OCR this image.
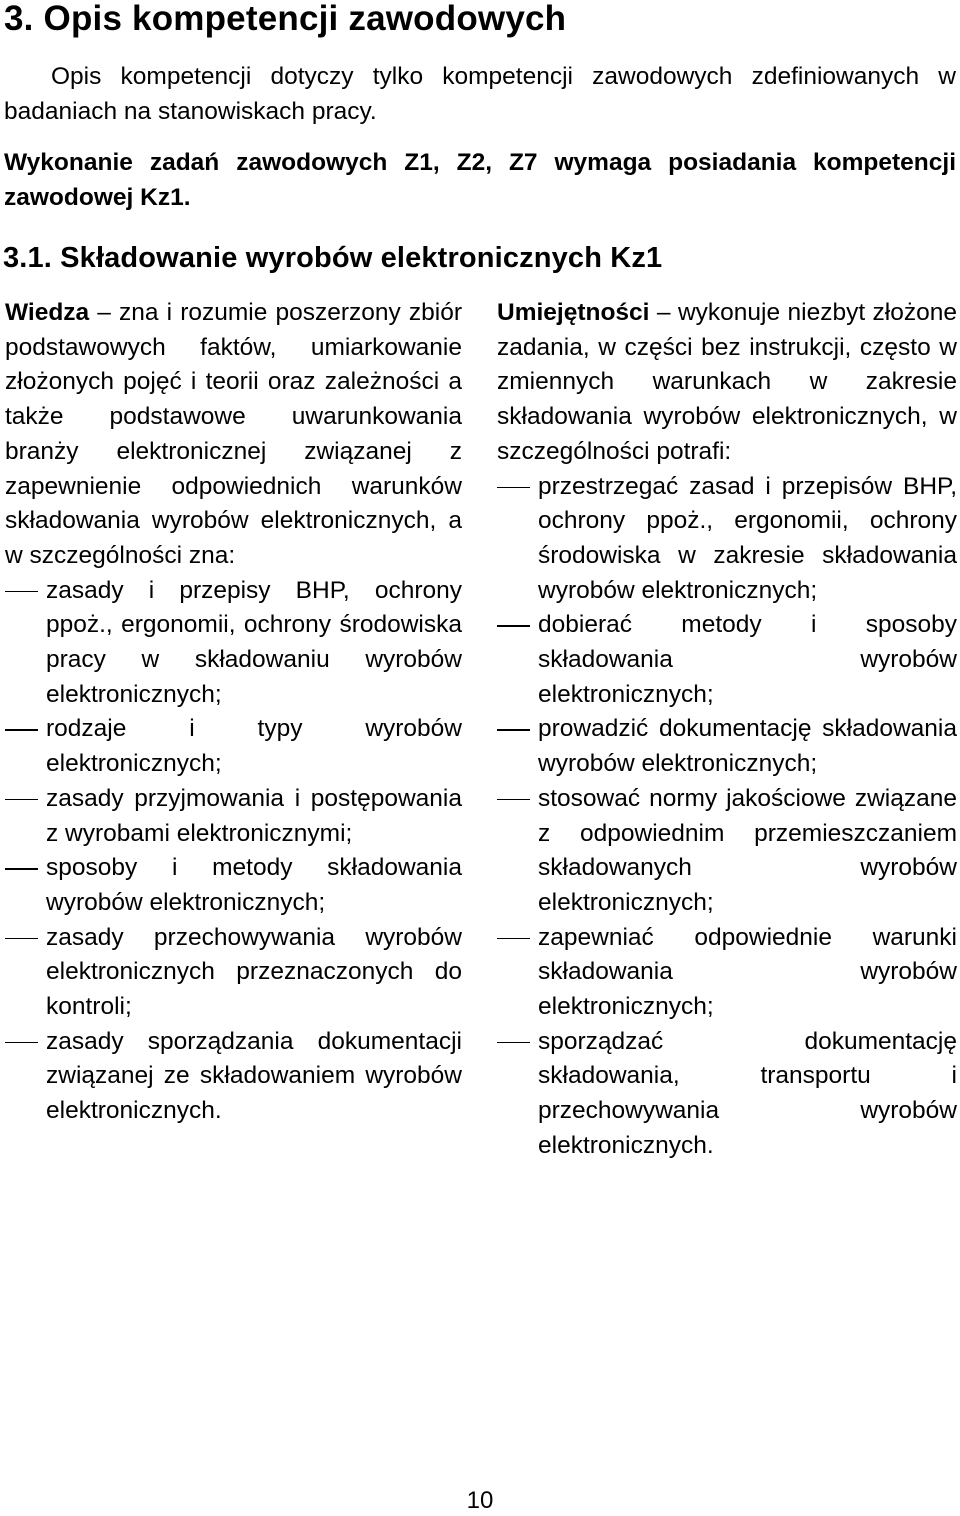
3. Opis kompetencji zawodowych

Opis kompetencji dotyczy tylko kompetencji zawodowych zdefiniowanych w badaniach na stanowiskach pracy.

Wykonanie zadań zawodowych Z1, Z2, Z7 wymaga posiadania kompetencji zawodowej Kz1.

3.1. Składowanie wyrobów elektronicznych Kz1

Wiedza – zna i rozumie poszerzony zbiór podstawowych faktów, umiarkowanie złożonych pojęć i teorii oraz zależności a także podstawowe uwarunkowania branży elektronicznej związanej z zapewnienie odpowiednich warunków składowania wyrobów elektronicznych, a w szczególności zna:

zasady i przepisy BHP, ochrony ppoż., ergonomii, ochrony środowiska pracy w składowaniu wyrobów elektronicznych;
rodzaje i typy wyrobów elektronicznych;
zasady przyjmowania i postępowania z wyrobami elektronicznymi;
sposoby i metody składowania wyrobów elektronicznych;
zasady przechowywania wyrobów elektronicznych przeznaczonych do kontroli;
zasady sporządzania dokumentacji związanej ze składowaniem wyrobów elektronicznych.

Umiejętności – wykonuje niezbyt złożone zadania, w części bez instrukcji, często w zmiennych warunkach w zakresie składowania wyrobów elektronicznych, w szczególności potrafi:

przestrzegać zasad i przepisów BHP, ochrony ppoż., ergonomii, ochrony środowiska w zakresie składowania wyrobów elektronicznych;
dobierać metody i sposoby składowania wyrobów elektronicznych;
prowadzić dokumentację składowania wyrobów elektronicznych;
stosować normy jakościowe związane z odpowiednim przemieszczaniem składowanych wyrobów elektronicznych;
zapewniać odpowiednie warunki składowania wyrobów elektronicznych;
sporządzać dokumentację składowania, transportu i przechowywania wyrobów elektronicznych.

10
